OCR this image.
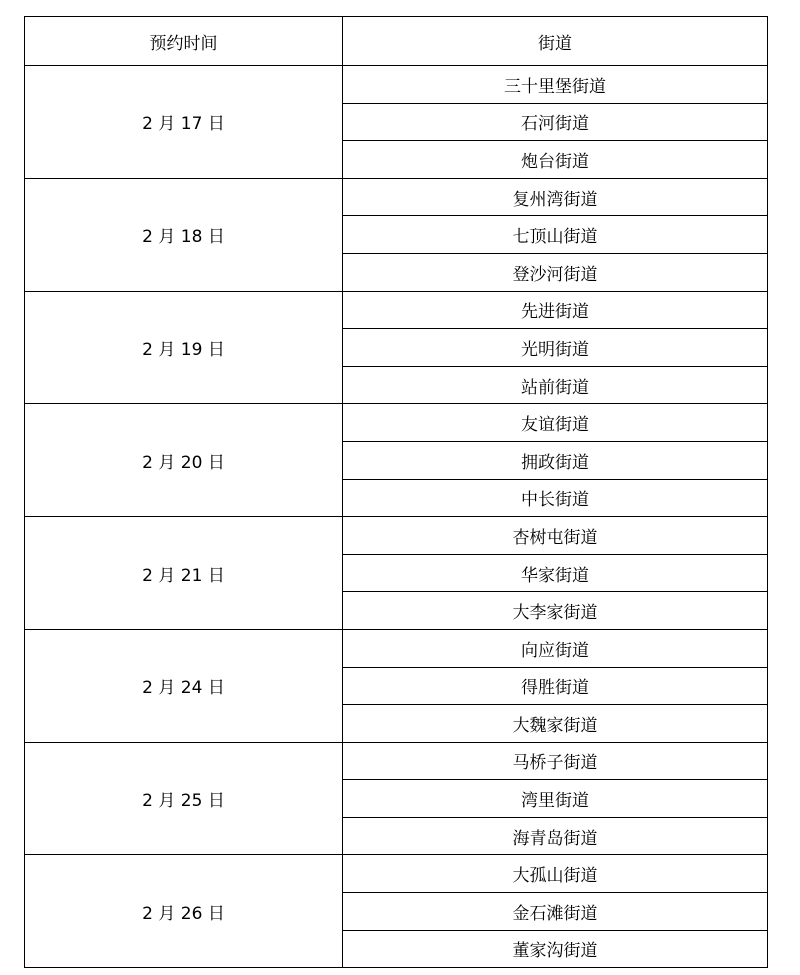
预约时间	街道
2 月 17 日	三十里堡街道
	石河街道
	炮台街道
2 月 18 日	复州湾街道
	七顶山街道
	登沙河街道
2 月 19 日	先进街道
	光明街道
	站前街道
2 月 20 日	友谊街道
	拥政街道
	中长街道
2 月 21 日	杏树屯街道
	华家街道
	大李家街道
2 月 24 日	向应街道
	得胜街道
	大魏家街道
2 月 25 日	马桥子街道
	湾里街道
	海青岛街道
2 月 26 日	大孤山街道
	金石滩街道
	董家沟街道
